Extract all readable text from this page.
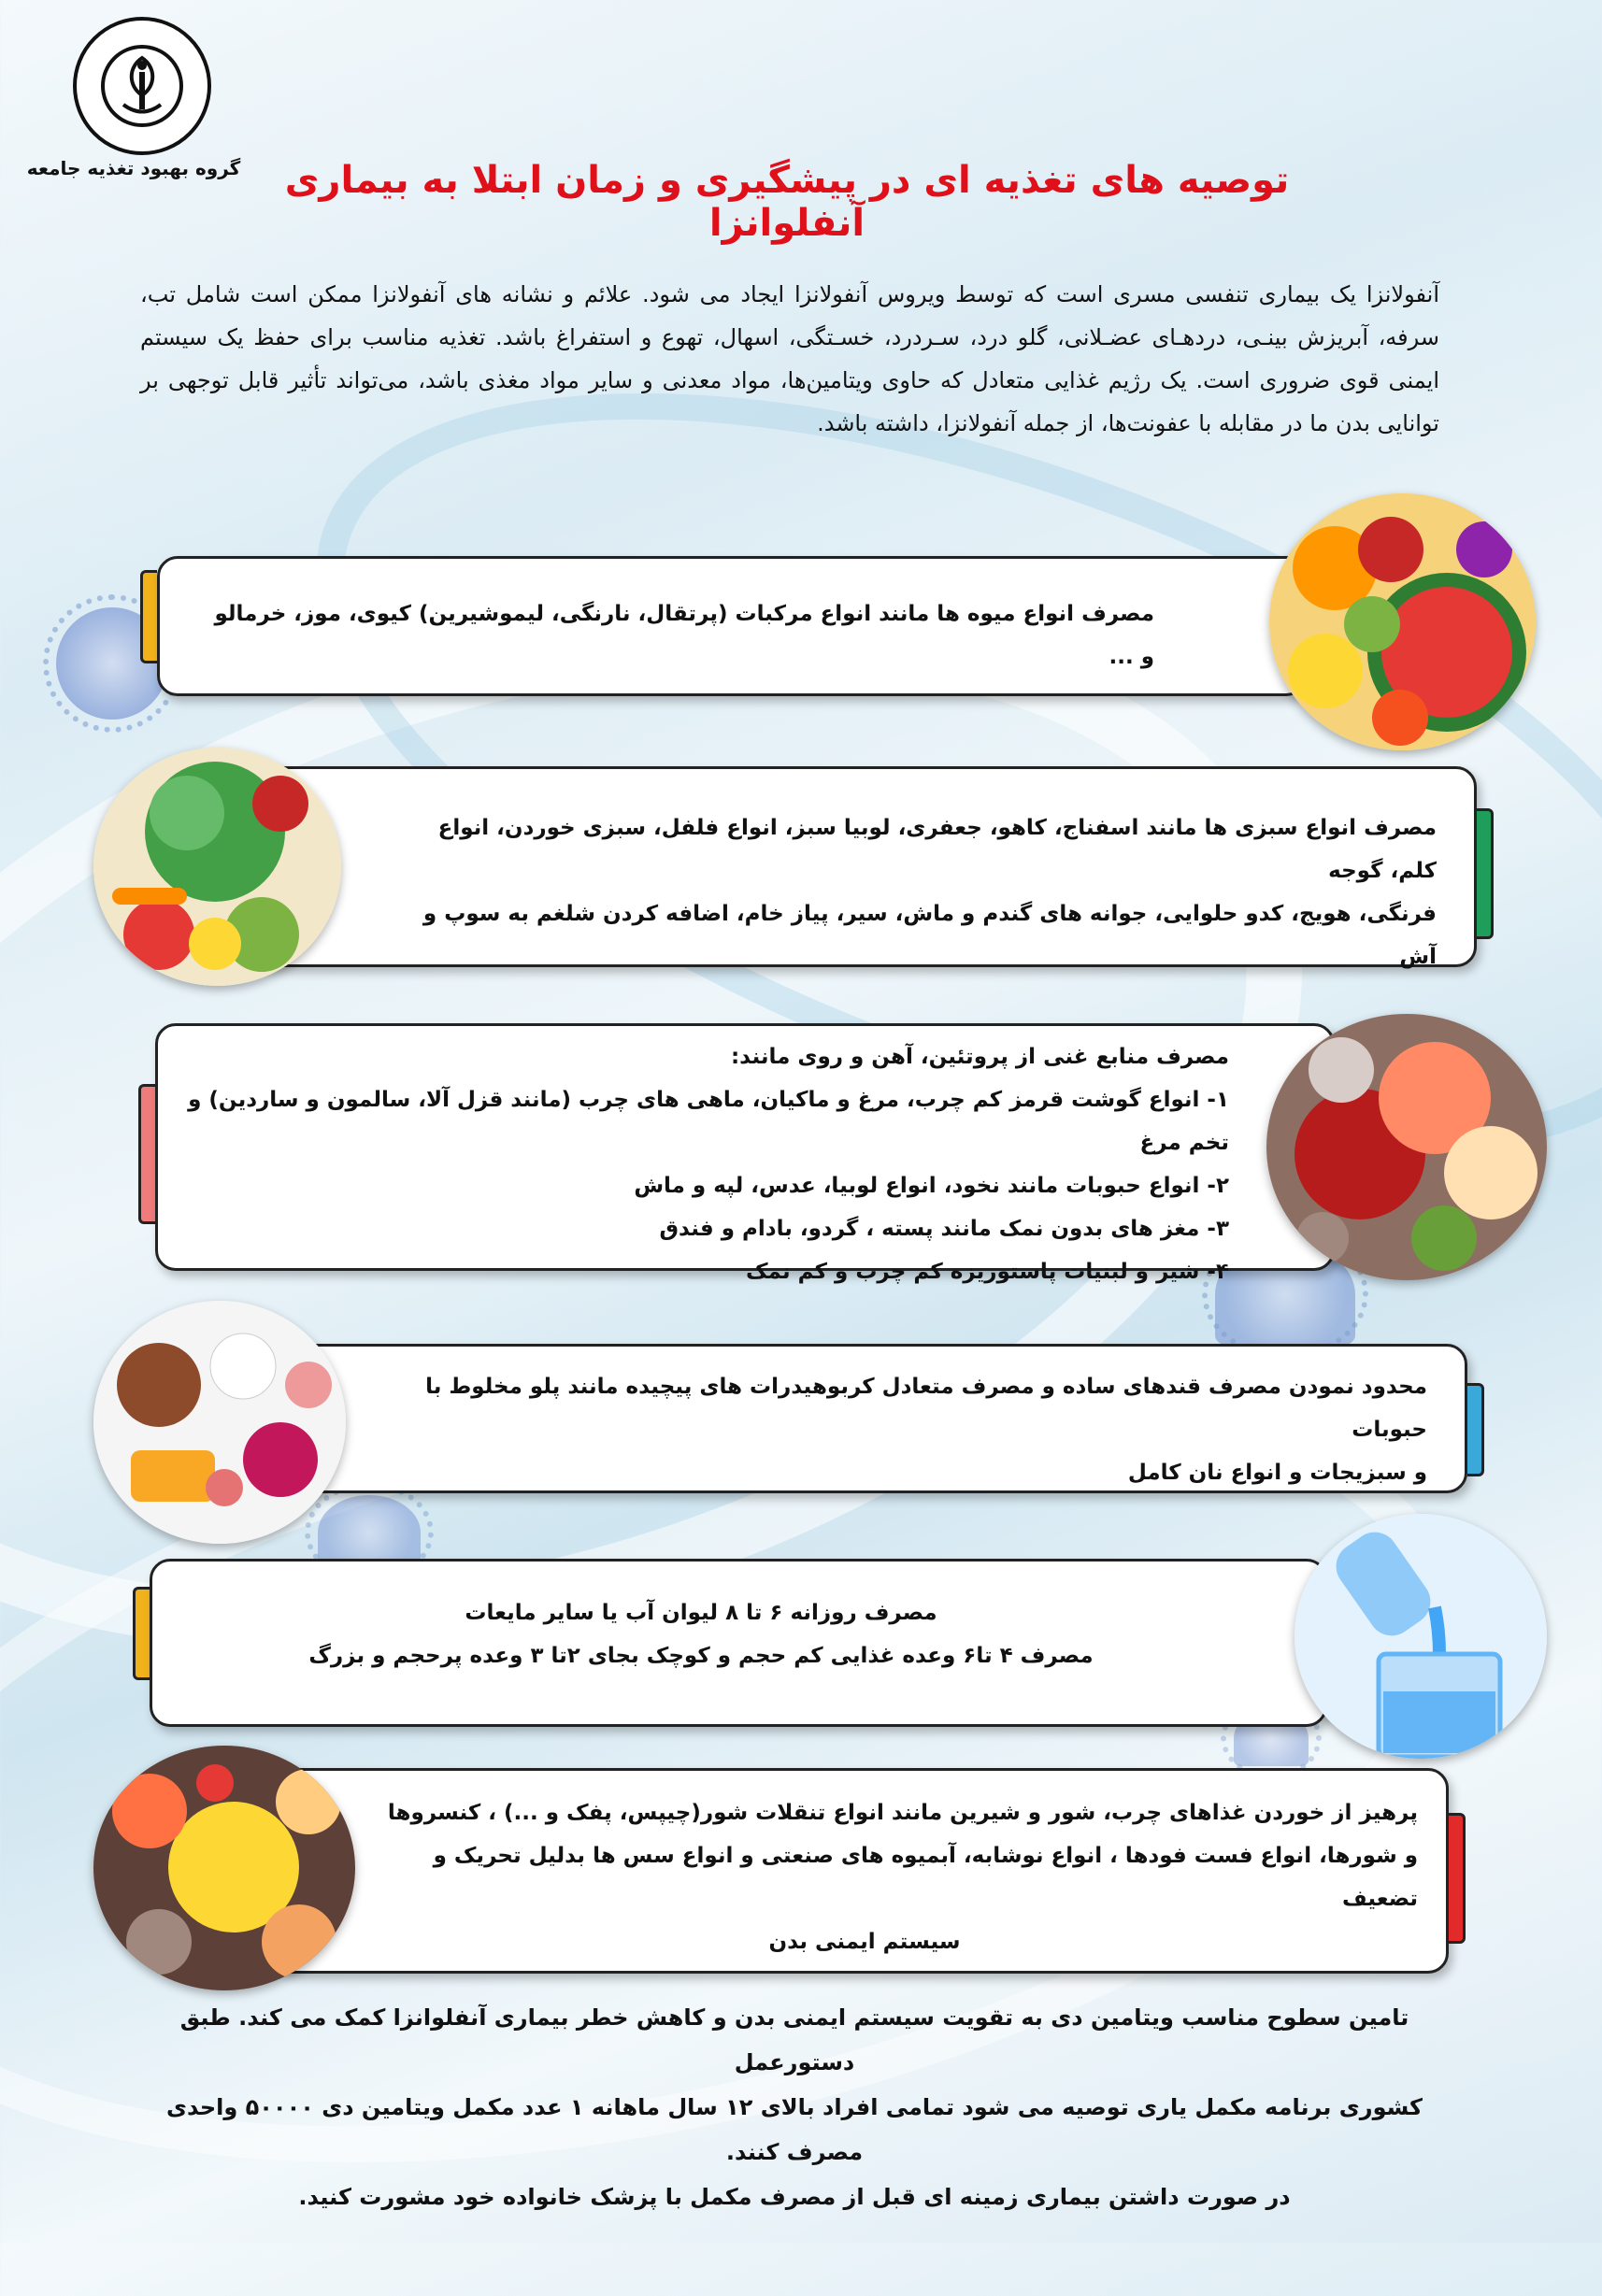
گروه بهبود تغذیه جامعه	توصیه های تغذیه ای در پیشگیری و زمان ابتلا به بیماری آنفلوانزا
آنفولانزا یک بیماری تنفسی مسری است که توسط ویروس آنفولانزا ایجاد می شود. علائم و نشانه های آنفولانزا ممکن است شامل تب، سرفه، آبریزش بینـی، دردهـای عضـلانی، گلو درد، سـردرد، خسـتگی، اسهال، تهوع و استفراغ باشد. تغذیه مناسب برای حفظ یک سیستم ایمنی قوی ضروری است. یک رژیم غذایی متعادل که حاوی ویتامین‌ها، مواد معدنی و سایر مواد مغذی باشد، می‌تواند تأثیر قابل توجهی بر توانایی بدن ما در مقابله با عفونت‌ها، از جمله آنفولانزا، داشته باشد.
مصرف انواع میوه ها مانند انواع مرکبات (پرتقال، نارنگی، لیموشیرین) کیوی، موز، خرمالو و ...
مصرف انواع سبزی ها مانند اسفناج، کاهو، جعفری، لوبیا سبز، انواع فلفل، سبزی خوردن، انواع کلم، گوجه
فرنگی، هویج، کدو حلوایی، جوانه های گندم و ماش، سیر، پیاز خام، اضافه کردن شلغم به سوپ و آش
مصرف منابع غنی از پروتئین، آهن و روی مانند:
۱- انواع گوشت قرمز کم چرب، مرغ و ماکیان، ماهی های چرب (مانند قزل آلا، سالمون و ساردین) و تخم مرغ
۲- انواع حبوبات مانند نخود، انواع لوبیا، عدس، لپه و ماش
۳- مغز های بدون نمک مانند پسته ، گردو، بادام و فندق
۴- شیر و لبنیات پاستوریزه کم چرب و کم نمک
محدود نمودن مصرف قندهای ساده و مصرف متعادل کربوهیدرات های پیچیده مانند پلو مخلوط با حبوبات
و سبزیجات و انواع نان کامل
مصرف روزانه ۶ تا ۸ لیوان آب یا سایر مایعات
مصرف ۴ تا۶ وعده غذایی کم حجم و کوچک بجای ۲تا ۳ وعده پرحجم و بزرگ
پرهیز از خوردن غذاهای چرب، شور و شیرین مانند انواع تنقلات شور(چیپس، پفک و ...) ، کنسروها
و شورها، انواع فست فودها ، انواع نوشابه، آبمیوه های صنعتی و انواع سس ها بدلیل تحریک و تضعیف
سیستم ایمنی بدن
تامین سطوح مناسب ویتامین دی به تقویت سیستم ایمنی بدن و کاهش خطر بیماری آنفلوانزا کمک می کند. طبق دستورعمل
کشوری برنامه مکمل یاری توصیه می شود تمامی افراد بالای ۱۲ سال ماهانه ۱ عدد مکمل ویتامین دی ۵۰۰۰۰ واحدی مصرف کنند.
در صورت داشتن بیماری زمینه ای قبل از مصرف مکمل با پزشک خانواده خود مشورت کنید.
